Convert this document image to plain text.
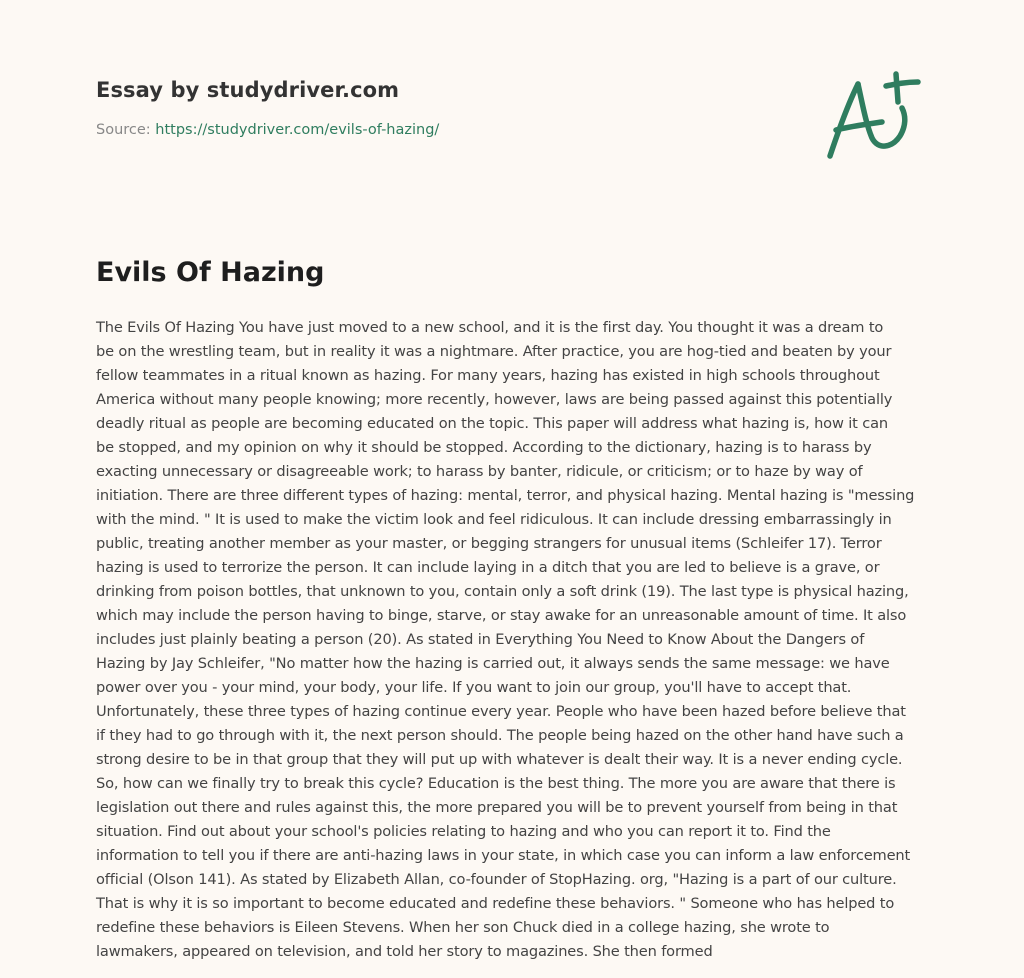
Essay by studydriver.com
Source: https://studydriver.com/evils-of-hazing/
Evils Of Hazing
The Evils Of Hazing You have just moved to a new school, and it is the first day. You thought it was a dream to
be on the wrestling team, but in reality it was a nightmare. After practice, you are hog-tied and beaten by your
fellow teammates in a ritual known as hazing. For many years, hazing has existed in high schools throughout
America without many people knowing; more recently, however, laws are being passed against this potentially
deadly ritual as people are becoming educated on the topic. This paper will address what hazing is, how it can
be stopped, and my opinion on why it should be stopped. According to the dictionary, hazing is to harass by
exacting unnecessary or disagreeable work; to harass by banter, ridicule, or criticism; or to haze by way of
initiation. There are three different types of hazing: mental, terror, and physical hazing. Mental hazing is "messing
with the mind. " It is used to make the victim look and feel ridiculous. It can include dressing embarrassingly in
public, treating another member as your master, or begging strangers for unusual items (Schleifer 17). Terror
hazing is used to terrorize the person. It can include laying in a ditch that you are led to believe is a grave, or
drinking from poison bottles, that unknown to you, contain only a soft drink (19). The last type is physical hazing,
which may include the person having to binge, starve, or stay awake for an unreasonable amount of time. It also
includes just plainly beating a person (20). As stated in Everything You Need to Know About the Dangers of
Hazing by Jay Schleifer, "No matter how the hazing is carried out, it always sends the same message: we have
power over you - your mind, your body, your life. If you want to join our group, you'll have to accept that.
Unfortunately, these three types of hazing continue every year. People who have been hazed before believe that
if they had to go through with it, the next person should. The people being hazed on the other hand have such a
strong desire to be in that group that they will put up with whatever is dealt their way. It is a never ending cycle.
So, how can we finally try to break this cycle? Education is the best thing. The more you are aware that there is
legislation out there and rules against this, the more prepared you will be to prevent yourself from being in that
situation. Find out about your school's policies relating to hazing and who you can report it to. Find the
information to tell you if there are anti-hazing laws in your state, in which case you can inform a law enforcement
official (Olson 141). As stated by Elizabeth Allan, co-founder of StopHazing. org, "Hazing is a part of our culture.
That is why it is so important to become educated and redefine these behaviors. " Someone who has helped to
redefine these behaviors is Eileen Stevens. When her son Chuck died in a college hazing, she wrote to
lawmakers, appeared on television, and told her story to magazines. She then formed
